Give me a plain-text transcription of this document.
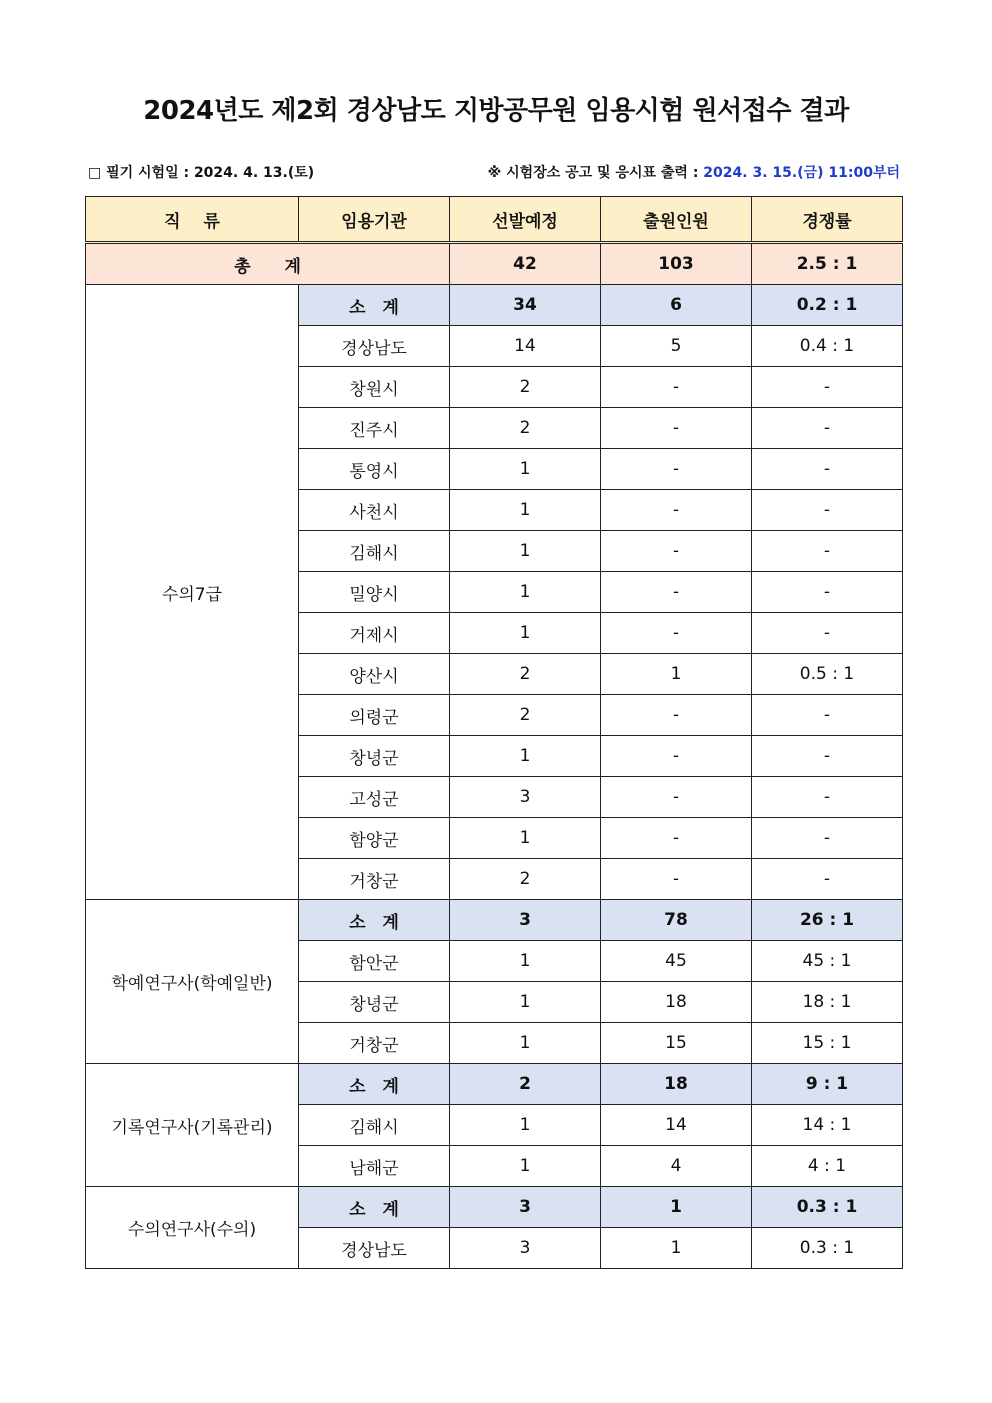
2024년도 제2회 경상남도 지방공무원 임용시험 원서접수 결과
□ 필기 시험일 : 2024. 4. 13.(토)	※ 시험장소 공고 및 응시표 출력 : 2024. 3. 15.(금) 11:00부터
직　 류	임용기관	선발예정	출원인원	경쟁률
총　　계		42	103	2.5 : 1
수의7급	소　계	34	6	0.2 : 1
	경상남도	14	5	0.4 : 1
	창원시	2	-	-
	진주시	2	-	-
	통영시	1	-	-
	사천시	1	-	-
	김해시	1	-	-
	밀양시	1	-	-
	거제시	1	-	-
	양산시	2	1	0.5 : 1
	의령군	2	-	-
	창녕군	1	-	-
	고성군	3	-	-
	함양군	1	-	-
	거창군	2	-	-
학예연구사(학예일반)	소　계	3	78	26 : 1
	함안군	1	45	45 : 1
	창녕군	1	18	18 : 1
	거창군	1	15	15 : 1
기록연구사(기록관리)	소　계	2	18	9 : 1
	김해시	1	14	14 : 1
	남해군	1	4	4 : 1
수의연구사(수의)	소　계	3	1	0.3 : 1
	경상남도	3	1	0.3 : 1
